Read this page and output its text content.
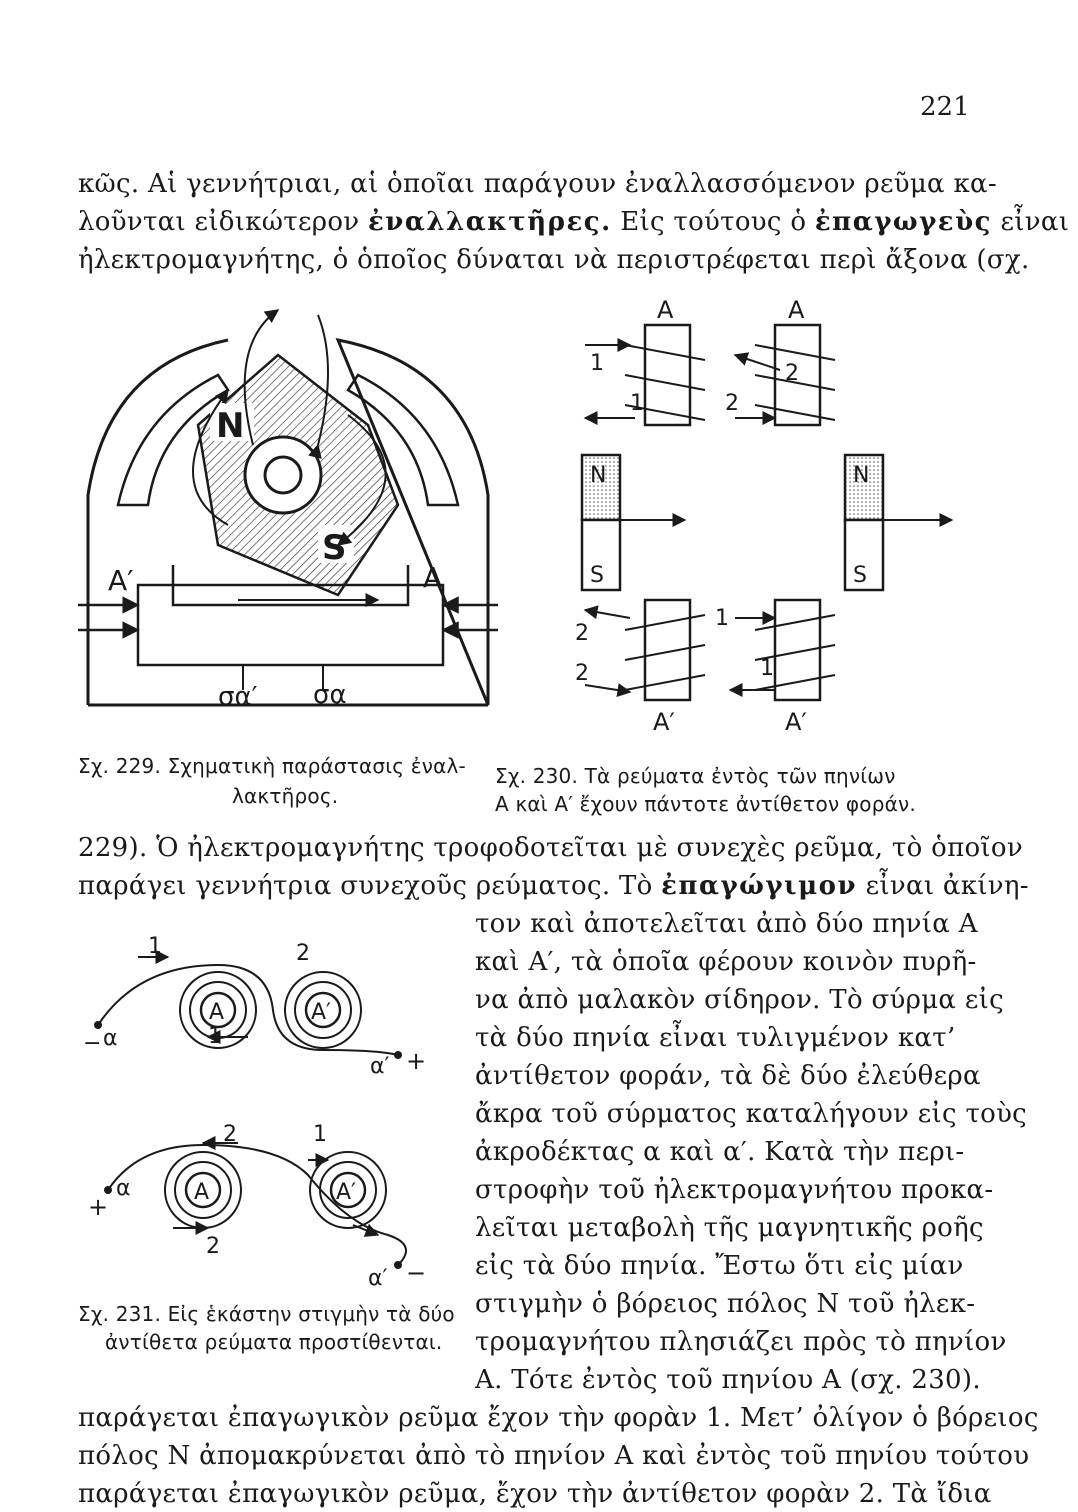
221

κῶς. Αἱ γεννήτριαι, αἱ ὁποῖαι παράγουν ἐναλλασσόμενον ρεῦμα κα-

λοῦνται εἰδικώτερον ἐναλλακτῆρες. Εἰς τούτους ὁ ἐπαγωγεὺς εἶναι

ἠλεκτρομαγνήτης, ὁ ὁποῖος δύναται νὰ περιστρέφεται περὶ ἄξονα (σχ.

N
S
A′	A
σα′ σα
A	A
1
1
2
2
N
S
N
S
2
2
1
1
A′	A′

Σχ. 229. Σχηματικὴ παράστασις ἐναλ-

λακτῆρος.

Σχ. 230. Τὰ ρεύματα ἐντὸς τῶν πηνίων

A καὶ A′ ἔχουν πάντοτε ἀντίθετον φοράν.

229). Ὁ ἠλεκτρομαγνήτης τροφοδοτεῖται μὲ συνεχὲς ρεῦμα, τὸ ὁποῖον

παράγει γεννήτρια συνεχοῦς ρεύματος. Τὸ ἐπαγώγιμον εἶναι ἀκίνη-

τον καὶ ἀποτελεῖται ἀπὸ δύο πηνία A

καὶ A′, τὰ ὁποῖα φέρουν κοινὸν πυρῆ-

να ἀπὸ μαλακὸν σίδηρον. Τὸ σύρμα εἰς

τὰ δύο πηνία εἶναι τυλιγμένον κατ’

ἀντίθετον φοράν, τὰ δὲ δύο ἐλεύθερα

ἄκρα τοῦ σύρματος καταλήγουν εἰς τοὺς

ἀκροδέκτας α καὶ α′. Κατὰ τὴν περι-

στροφὴν τοῦ ἠλεκτρομαγνήτου προκα-

λεῖται μεταβολὴ τῆς μαγνητικῆς ροῆς

εἰς τὰ δύο πηνία. Ἔστω ὅτι εἰς μίαν

στιγμὴν ὁ βόρειος πόλος N τοῦ ἠλεκ-

τρομαγνήτου πλησιάζει πρὸς τὸ πηνίον

A. Τότε ἐντὸς τοῦ πηνίου A (σχ. 230).

A	A′
1	2
1
− α
α′ +
A	A′
2	1
2
α
+
α′ −

Σχ. 231. Εἰς ἑκάστην στιγμὴν τὰ δύο

ἀντίθετα ρεύματα προστίθενται.

παράγεται ἐπαγωγικὸν ρεῦμα ἔχον τὴν φορὰν 1. Μετ’ ὀλίγον ὁ βόρειος

πόλος N ἀπομακρύνεται ἀπὸ τὸ πηνίον A καὶ ἐντὸς τοῦ πηνίου τούτου

παράγεται ἐπαγωγικὸν ρεῦμα, ἔχον τὴν ἀντίθετον φορὰν 2. Τὰ ἴδια
